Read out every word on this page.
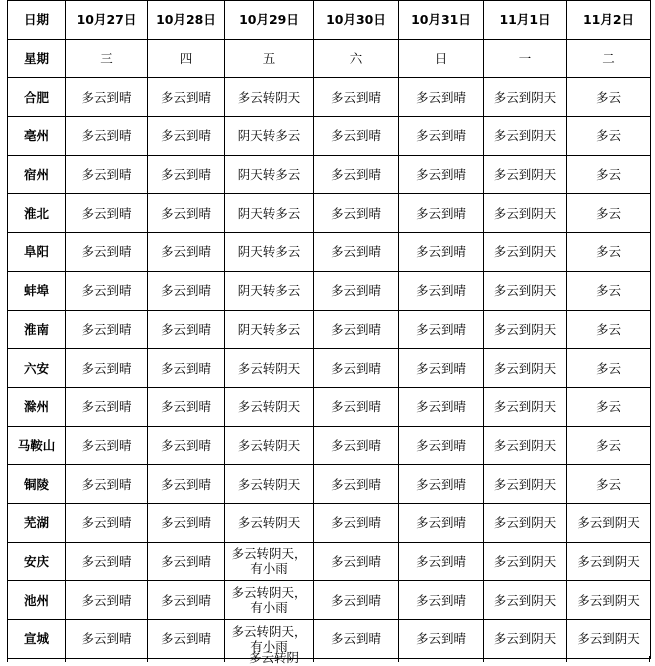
日期	10月27日	10月28日	10月29日	10月30日	10月31日	11月1日	11月2日
星期	三	四	五	六	日	一	二
合肥	多云到晴	多云到晴	多云转阴天	多云到晴	多云到晴	多云到阴天	多云
亳州	多云到晴	多云到晴	阴天转多云	多云到晴	多云到晴	多云到阴天	多云
宿州	多云到晴	多云到晴	阴天转多云	多云到晴	多云到晴	多云到阴天	多云
淮北	多云到晴	多云到晴	阴天转多云	多云到晴	多云到晴	多云到阴天	多云
阜阳	多云到晴	多云到晴	阴天转多云	多云到晴	多云到晴	多云到阴天	多云
蚌埠	多云到晴	多云到晴	阴天转多云	多云到晴	多云到晴	多云到阴天	多云
淮南	多云到晴	多云到晴	阴天转多云	多云到晴	多云到晴	多云到阴天	多云
六安	多云到晴	多云到晴	多云转阴天	多云到晴	多云到晴	多云到阴天	多云
滁州	多云到晴	多云到晴	多云转阴天	多云到晴	多云到晴	多云到阴天	多云
马鞍山	多云到晴	多云到晴	多云转阴天	多云到晴	多云到晴	多云到阴天	多云
铜陵	多云到晴	多云到晴	多云转阴天	多云到晴	多云到晴	多云到阴天	多云
芜湖	多云到晴	多云到晴	多云转阴天	多云到晴	多云到晴	多云到阴天	多云到阴天
安庆	多云到晴	多云到晴	多云转阴天，有小雨	多云到晴	多云到晴	多云到阴天	多云到阴天
池州	多云到晴	多云到晴	多云转阴天，有小雨	多云到晴	多云到晴	多云到阴天	多云到阴天
宣城	多云到晴	多云到晴	多云转阴天，有小雨	多云到晴	多云到晴	多云到阴天	多云到阴天
多云转阴
